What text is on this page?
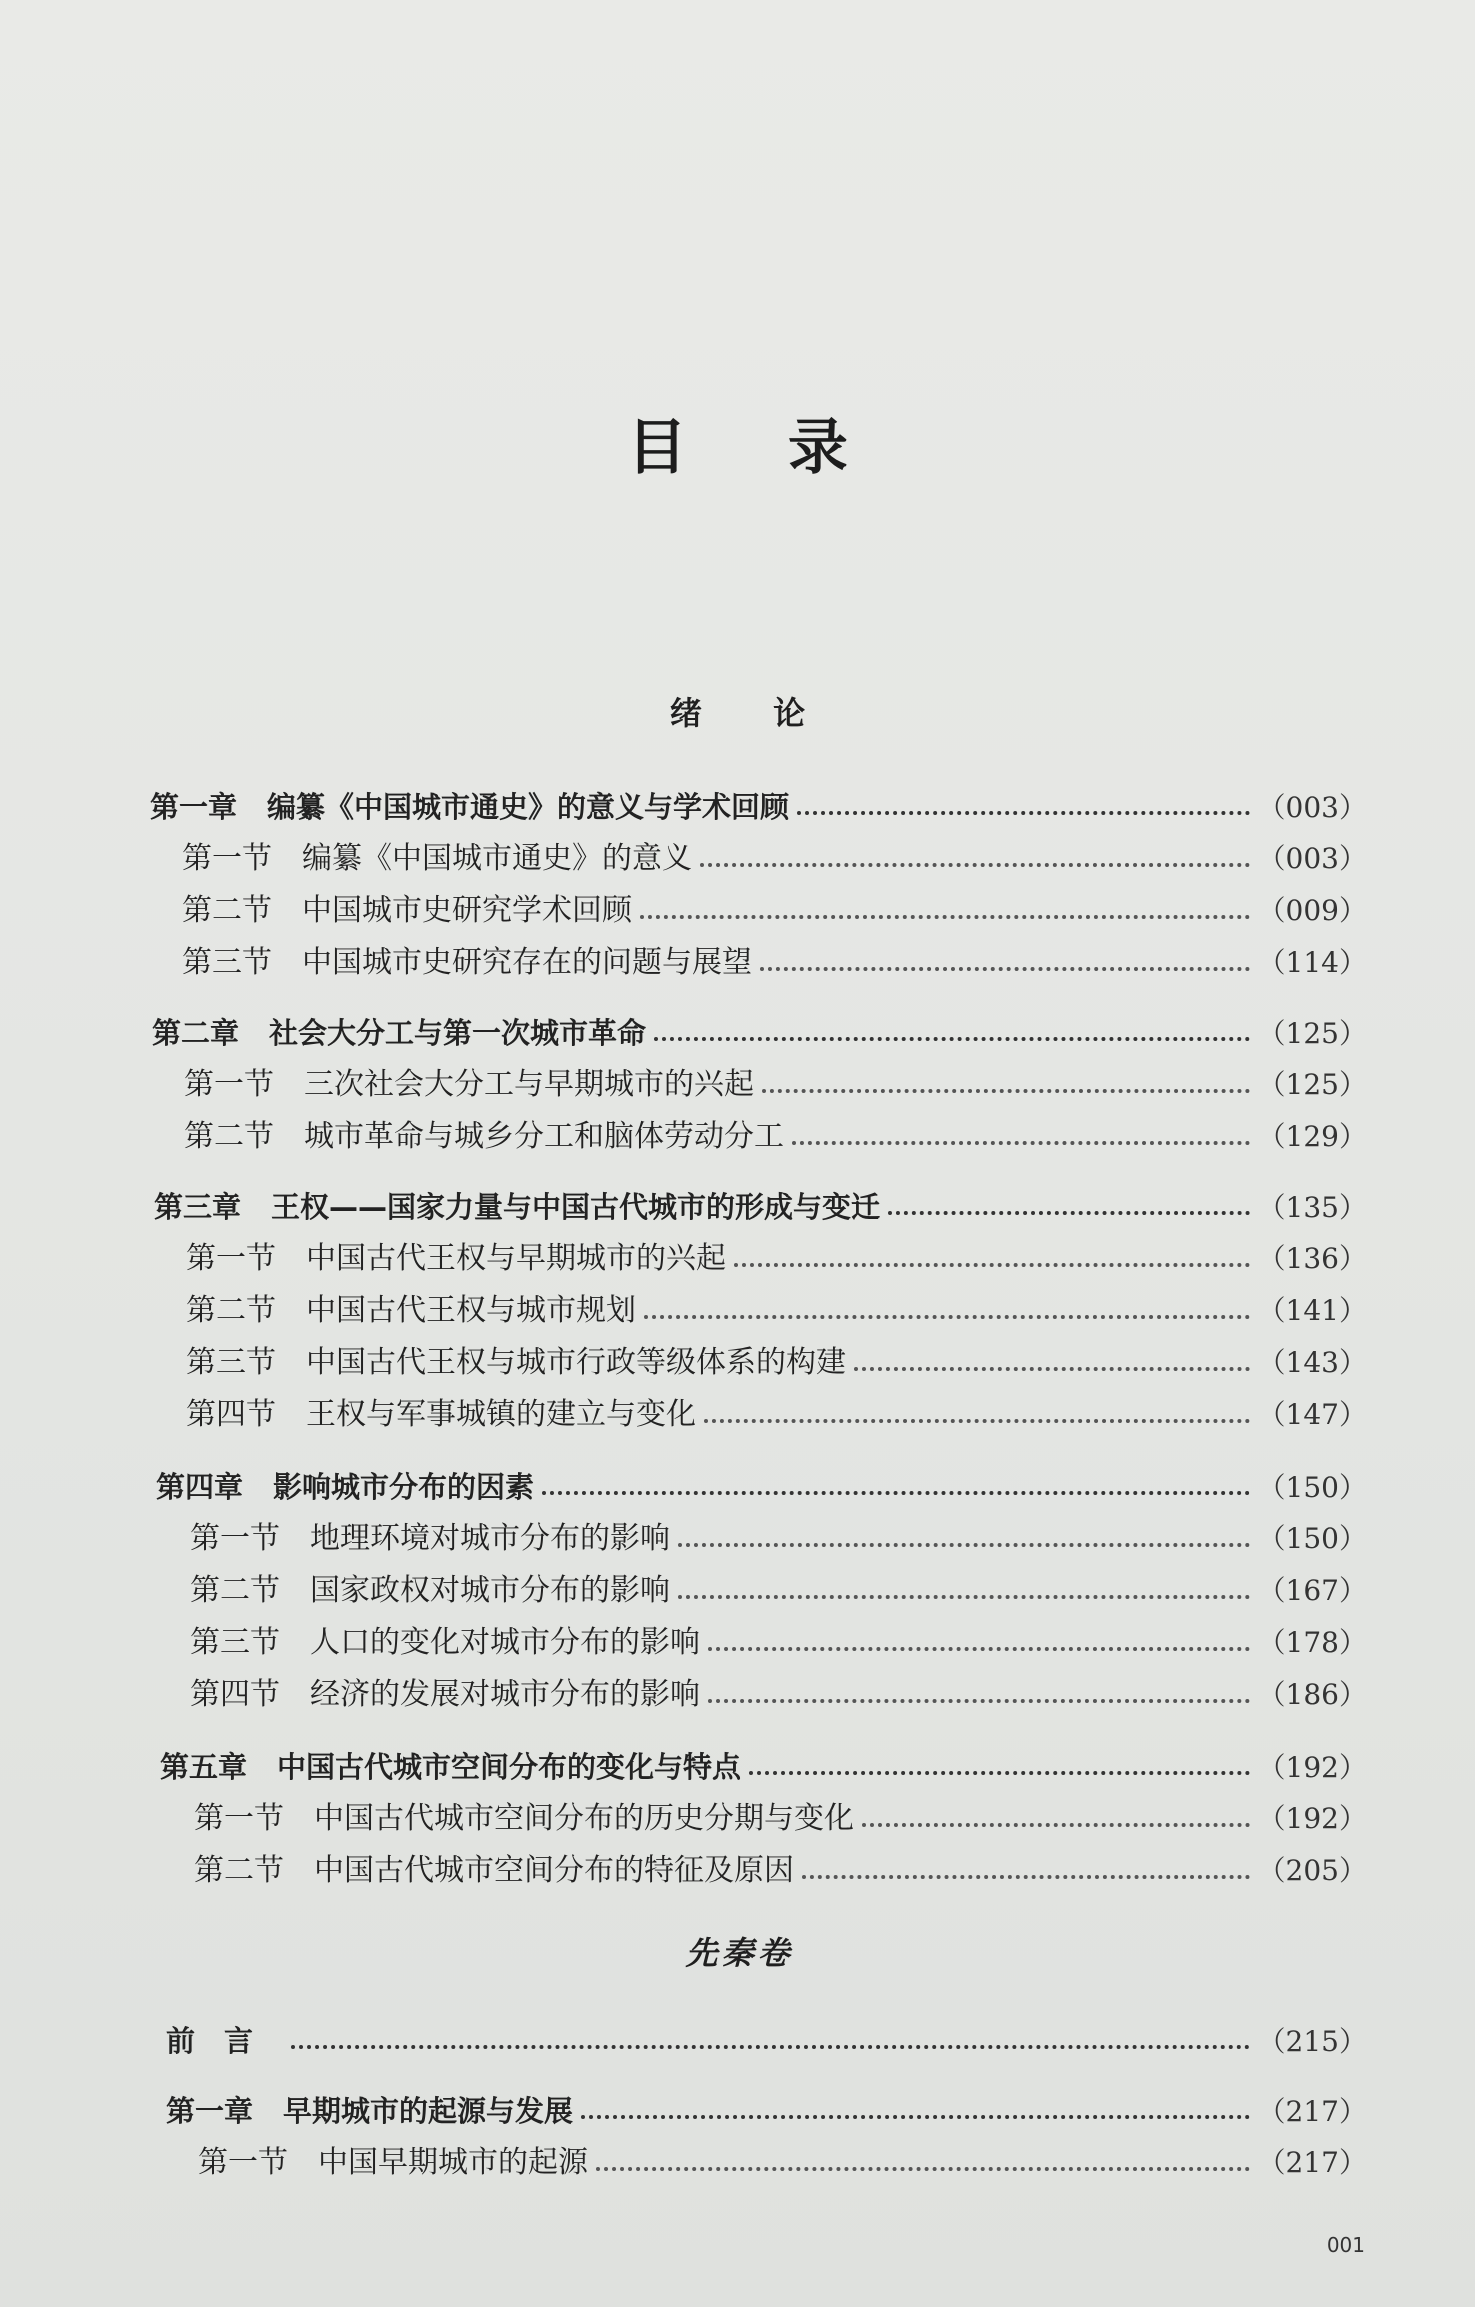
目 录
绪 论
先秦卷
第一章 编纂《中国城市通史》的意义与学术回顾	（003）
第一节 编纂《中国城市通史》的意义	（003）
第二节 中国城市史研究学术回顾	（009）
第三节 中国城市史研究存在的问题与展望	（114）
第二章 社会大分工与第一次城市革命	（125）
第一节 三次社会大分工与早期城市的兴起	（125）
第二节 城市革命与城乡分工和脑体劳动分工	（129）
第三章 王权——国家力量与中国古代城市的形成与变迁	（135）
第一节 中国古代王权与早期城市的兴起	（136）
第二节 中国古代王权与城市规划	（141）
第三节 中国古代王权与城市行政等级体系的构建	（143）
第四节 王权与军事城镇的建立与变化	（147）
第四章 影响城市分布的因素	（150）
第一节 地理环境对城市分布的影响	（150）
第二节 国家政权对城市分布的影响	（167）
第三节 人口的变化对城市分布的影响	（178）
第四节 经济的发展对城市分布的影响	（186）
第五章 中国古代城市空间分布的变化与特点	（192）
第一节 中国古代城市空间分布的历史分期与变化	（192）
第二节 中国古代城市空间分布的特征及原因	（205）
前　言	（215）
第一章 早期城市的起源与发展	（217）
第一节 中国早期城市的起源	（217）
001
